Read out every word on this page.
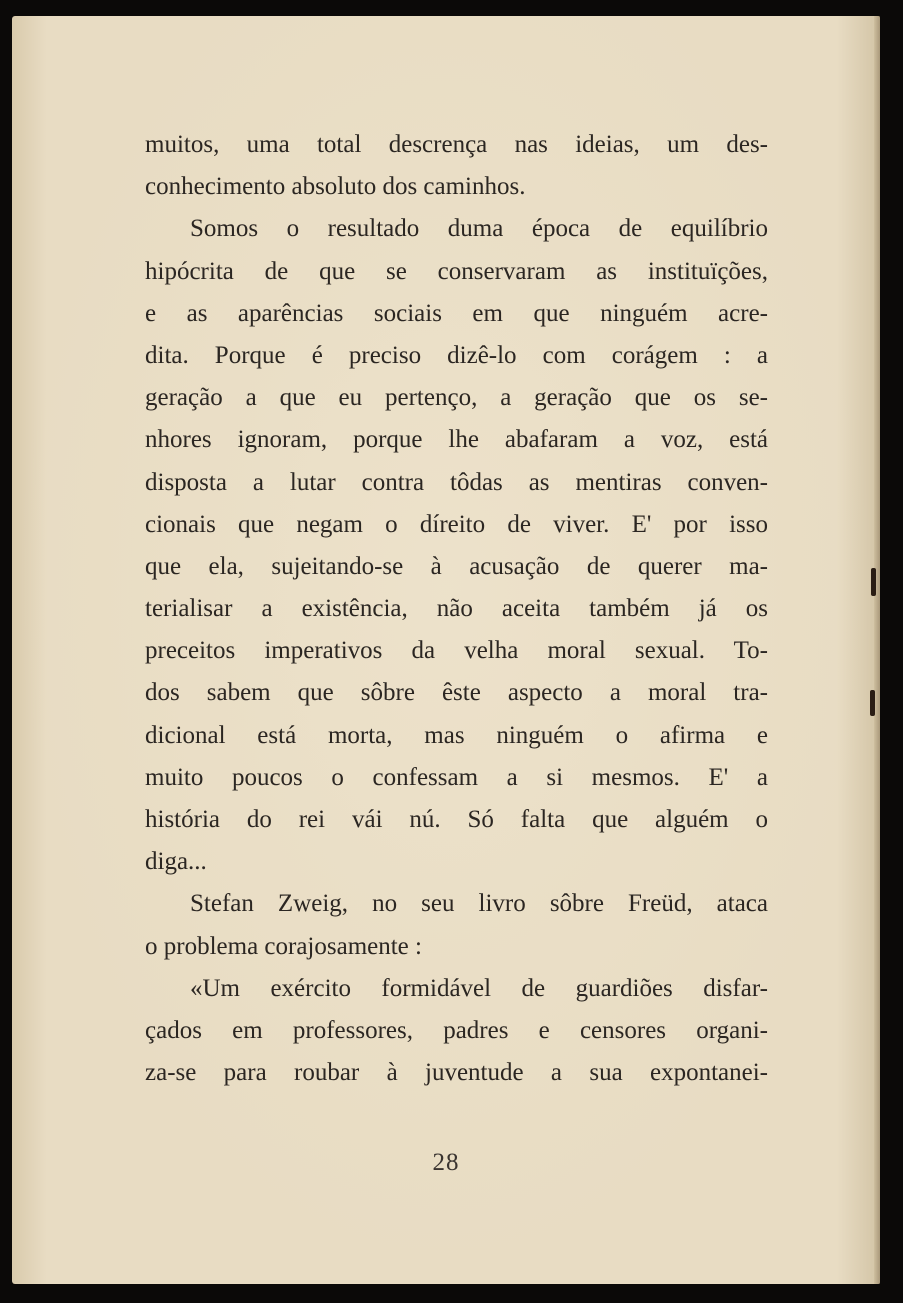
muitos, uma total descrença nas ideias, um des-
conhecimento absoluto dos caminhos.
Somos o resultado duma época de equilíbrio
hipócrita de que se conservaram as instituïções,
e as aparências sociais em que ninguém acre-
dita. Porque é preciso dizê-lo com corágem : a
geração a que eu pertenço, a geração que os se-
nhores ignoram, porque lhe abafaram a voz, está
disposta a lutar contra tôdas as mentiras conven-
cionais que negam o díreito de viver. E' por isso
que ela, sujeitando-se à acusação de querer ma-
terialisar a existência, não aceita também já os
preceitos imperativos da velha moral sexual. To-
dos sabem que sôbre êste aspecto a moral tra-
dicional está morta, mas ninguém o afirma e
muito poucos o confessam a si mesmos. E' a
história do rei vái nú. Só falta que alguém o
diga...
Stefan Zweig, no seu livro sôbre Freüd, ataca
o problema corajosamente :
«Um exército formidável de guardiões disfar-
çados em professores, padres e censores organi-
za-se para roubar à juventude a sua expontanei-
28
